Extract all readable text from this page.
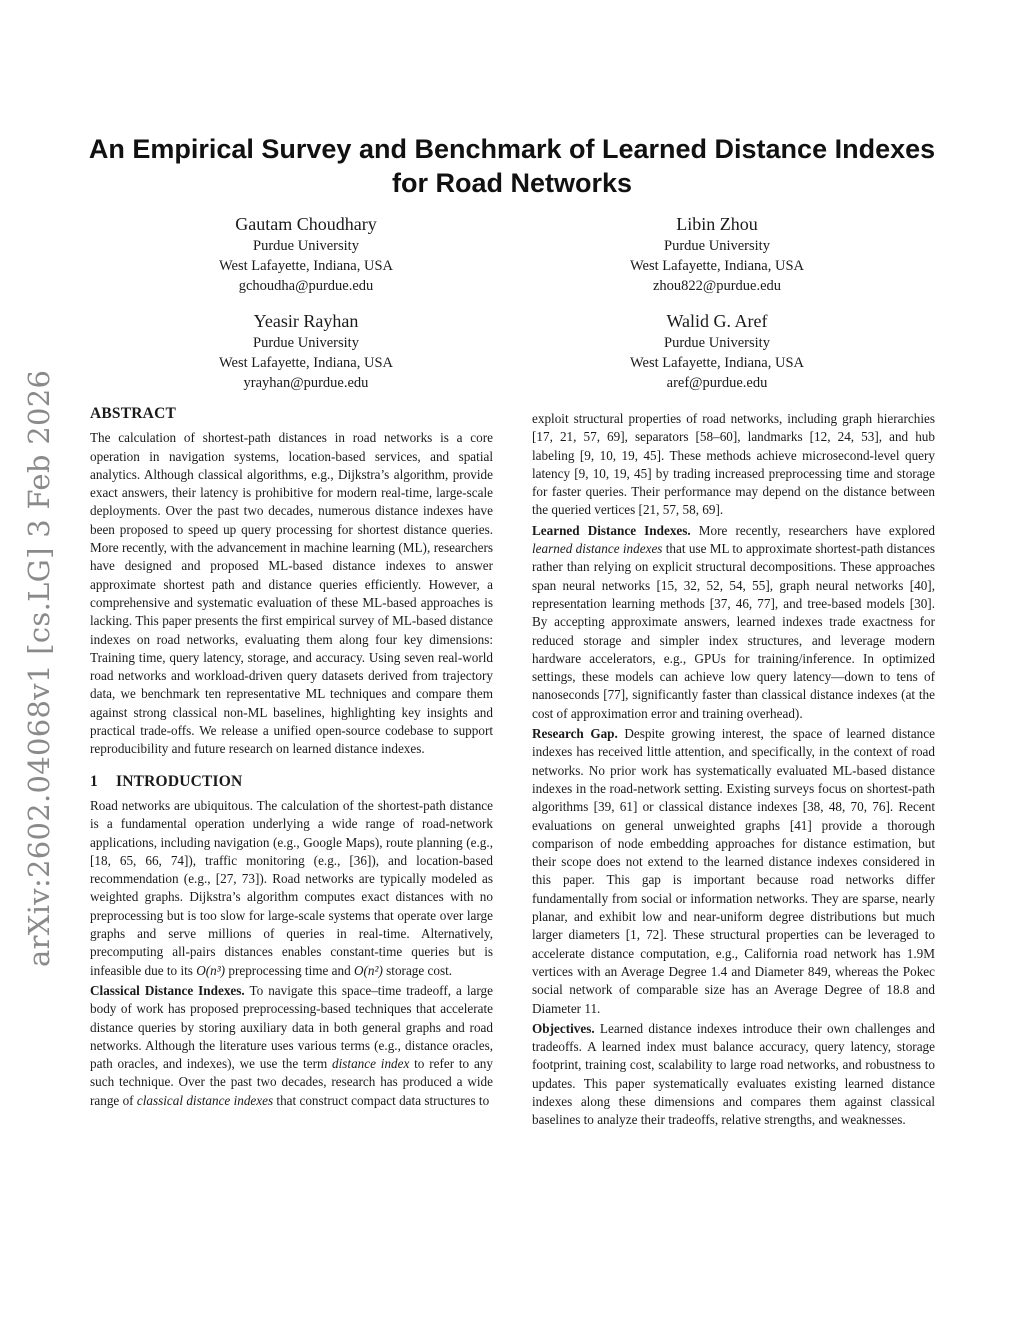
arXiv:2602.04068v1 [cs.LG] 3 Feb 2026
An Empirical Survey and Benchmark of Learned Distance Indexes
for Road Networks
Gautam Choudhary
Purdue University
West Lafayette, Indiana, USA
gchoudha@purdue.edu
Libin Zhou
Purdue University
West Lafayette, Indiana, USA
zhou822@purdue.edu
Yeasir Rayhan
Purdue University
West Lafayette, Indiana, USA
yrayhan@purdue.edu
Walid G. Aref
Purdue University
West Lafayette, Indiana, USA
aref@purdue.edu
ABSTRACT

The calculation of shortest-path distances in road networks is a core operation in navigation systems, location-based services, and spatial analytics. Although classical algorithms, e.g., Dijkstra’s algorithm, provide exact answers, their latency is prohibitive for modern real-time, large-scale deployments. Over the past two decades, numerous distance indexes have been proposed to speed up query processing for shortest distance queries. More recently, with the advancement in machine learning (ML), researchers have designed and proposed ML-based distance indexes to answer approximate shortest path and distance queries efficiently. However, a comprehensive and systematic evaluation of these ML-based approaches is lacking. This paper presents the first empirical survey of ML-based distance indexes on road networks, evaluating them along four key dimensions: Training time, query latency, storage, and accuracy. Using seven real-world road networks and workload-driven query datasets derived from trajectory data, we benchmark ten representative ML techniques and compare them against strong classical non-ML baselines, highlighting key insights and practical trade-offs. We release a unified open-source codebase to support reproducibility and future research on learned distance indexes.

1 INTRODUCTION

Road networks are ubiquitous. The calculation of the shortest-path distance is a fundamental operation underlying a wide range of road-network applications, including navigation (e.g., Google Maps), route planning (e.g., [18, 65, 66, 74]), traffic monitoring (e.g., [36]), and location-based recommendation (e.g., [27, 73]). Road networks are typically modeled as weighted graphs. Dijkstra’s algorithm computes exact distances with no preprocessing but is too slow for large-scale systems that operate over large graphs and serve millions of queries in real-time. Alternatively, precomputing all-pairs distances enables constant-time queries but is infeasible due to its O(n³) preprocessing time and O(n²) storage cost.

Classical Distance Indexes. To navigate this space–time tradeoff, a large body of work has proposed preprocessing-based techniques that accelerate distance queries by storing auxiliary data in both general graphs and road networks. Although the literature uses various terms (e.g., distance oracles, path oracles, and indexes), we use the term distance index to refer to any such technique. Over the past two decades, research has produced a wide range of classical distance indexes that construct compact data structures to

exploit structural properties of road networks, including graph hierarchies [17, 21, 57, 69], separators [58–60], landmarks [12, 24, 53], and hub labeling [9, 10, 19, 45]. These methods achieve microsecond-level query latency [9, 10, 19, 45] by trading increased preprocessing time and storage for faster queries. Their performance may depend on the distance between the queried vertices [21, 57, 58, 69].

Learned Distance Indexes. More recently, researchers have explored learned distance indexes that use ML to approximate shortest-path distances rather than relying on explicit structural decompositions. These approaches span neural networks [15, 32, 52, 54, 55], graph neural networks [40], representation learning methods [37, 46, 77], and tree-based models [30]. By accepting approximate answers, learned indexes trade exactness for reduced storage and simpler index structures, and leverage modern hardware accelerators, e.g., GPUs for training/inference. In optimized settings, these models can achieve low query latency—down to tens of nanoseconds [77], significantly faster than classical distance indexes (at the cost of approximation error and training overhead).

Research Gap. Despite growing interest, the space of learned distance indexes has received little attention, and specifically, in the context of road networks. No prior work has systematically evaluated ML-based distance indexes in the road-network setting. Existing surveys focus on shortest-path algorithms [39, 61] or classical distance indexes [38, 48, 70, 76]. Recent evaluations on general unweighted graphs [41] provide a thorough comparison of node embedding approaches for distance estimation, but their scope does not extend to the learned distance indexes considered in this paper. This gap is important because road networks differ fundamentally from social or information networks. They are sparse, nearly planar, and exhibit low and near-uniform degree distributions but much larger diameters [1, 72]. These structural properties can be leveraged to accelerate distance computation, e.g., California road network has 1.9M vertices with an Average Degree 1.4 and Diameter 849, whereas the Pokec social network of comparable size has an Average Degree of 18.8 and Diameter 11.

Objectives. Learned distance indexes introduce their own challenges and tradeoffs. A learned index must balance accuracy, query latency, storage footprint, training cost, scalability to large road networks, and robustness to updates. This paper systematically evaluates existing learned distance indexes along these dimensions and compares them against classical baselines to analyze their tradeoffs, relative strengths, and weaknesses.
